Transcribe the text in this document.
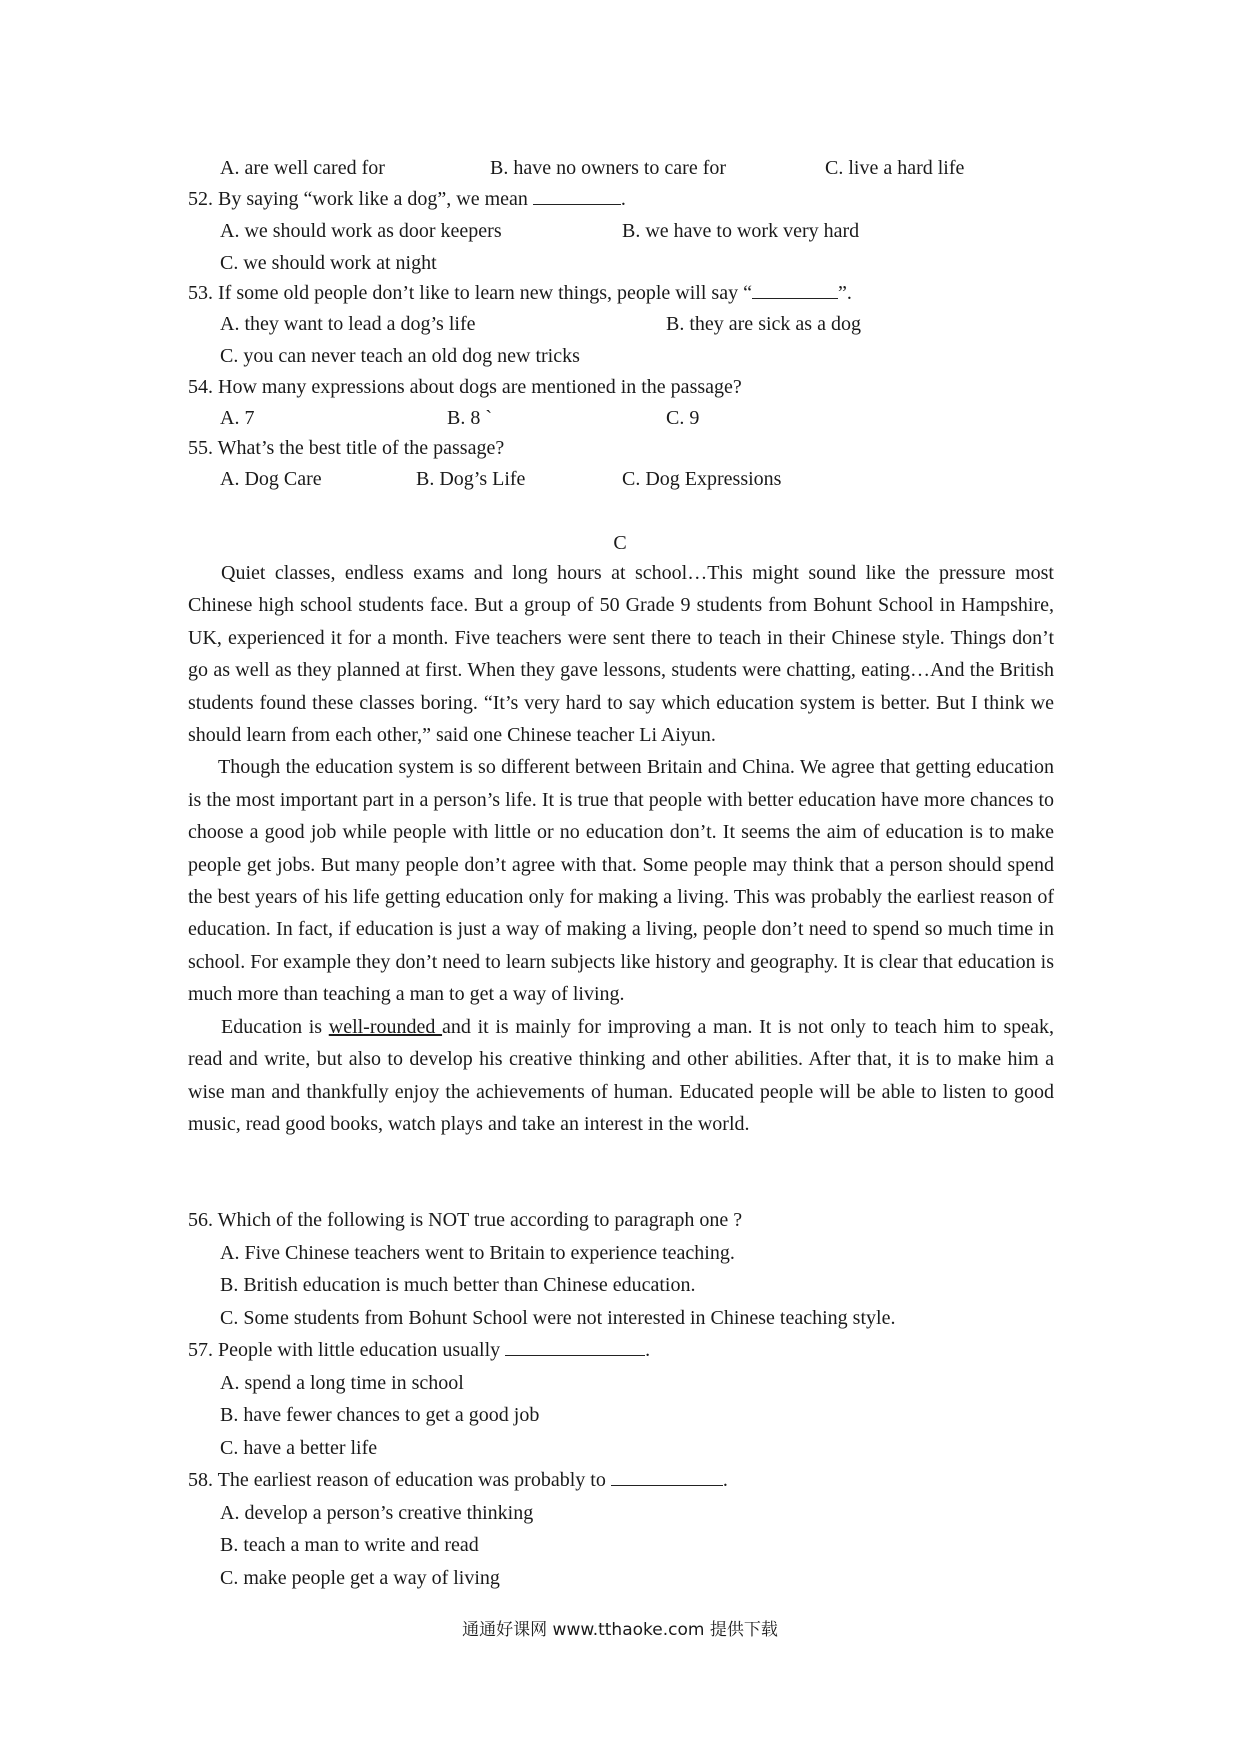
A. are well cared for	B. have no owners to care for	C. live a hard life
52. By saying “work like a dog”, we mean	.
A. we should work as door keepers	B. we have to work very hard
C. we should work at night
53. If some old people don’t like to learn new things, people will say “	”.
A. they want to lead a dog’s life	B. they are sick as a dog
C. you can never teach an old dog new tricks
54. How many expressions about dogs are mentioned in the passage?
A. 7	B. 8 `	C. 9
55. What’s the best title of the passage?
A. Dog Care	B. Dog’s Life	C. Dog Expressions
C

Quiet classes, endless exams and long hours at school…This might sound like the pressure most Chinese high school students face. But a group of 50 Grade 9 students from Bohunt School in Hampshire, UK, experienced it for a month. Five teachers were sent there to teach in their Chinese style. Things don’t go as well as they planned at first. When they gave lessons, students were chatting, eating…And the British students found these classes boring. “It’s very hard to say which education system is better. But I think we should learn from each other,” said one Chinese teacher Li Aiyun.

Though the education system is so different between Britain and China. We agree that getting education is the most important part in a person’s life. It is true that people with better education have more chances to choose a good job while people with little or no education don’t. It seems the aim of education is to make people get jobs. But many people don’t agree with that. Some people may think that a person should spend the best years of his life getting education only for making a living. This was probably the earliest reason of education. In fact, if education is just a way of making a living, people don’t need to spend so much time in school. For example they don’t need to learn subjects like history and geography. It is clear that education is much more than teaching a man to get a way of living.

Education is well-rounded and it is mainly for improving a man. It is not only to teach him to speak, read and write, but also to develop his creative thinking and other abilities. After that, it is to make him a wise man and thankfully enjoy the achievements of human. Educated people will be able to listen to good music, read good books, watch plays and take an interest in the world.

56. Which of the following is NOT true according to paragraph one ?
A. Five Chinese teachers went to Britain to experience teaching.
B. British education is much better than Chinese education.
C. Some students from Bohunt School were not interested in Chinese teaching style.
57. People with little education usually	.
A. spend a long time in school
B. have fewer chances to get a good job
C. have a better life
58. The earliest reason of education was probably to	.
A. develop a person’s creative thinking
B. teach a man to write and read
C. make people get a way of living
通通好课网 www.tthaoke.com 提供下载
